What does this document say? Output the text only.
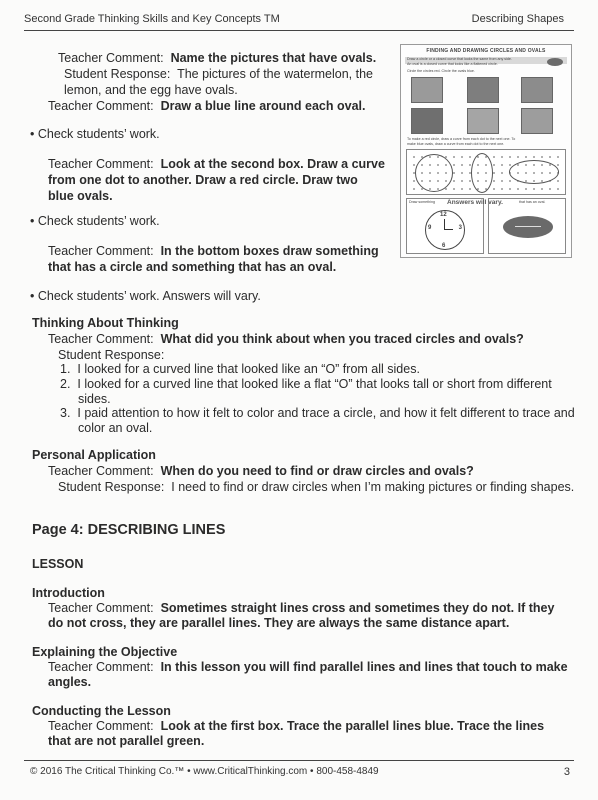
Second Grade Thinking Skills and Key Concepts TM	Describing Shapes
Teacher Comment: Name the pictures that have ovals.
Student Response: The pictures of the watermelon, the
lemon, and the egg have ovals.
Teacher Comment: Draw a blue line around each oval.
• Check students’ work.
Teacher Comment: Look at the second box. Draw a curve
from one dot to another. Draw a red circle. Draw two
blue ovals.
• Check students’ work.
Teacher Comment: In the bottom boxes draw something
that has a circle and something that has an oval.
• Check students’ work. Answers will vary.
Thinking About Thinking
Teacher Comment: What did you think about when you traced circles and ovals?
Student Response:
1. I looked for a curved line that looked like an “O” from all sides.
2. I looked for a curved line that looked like a flat “O” that looks tall or short from different
sides.
3. I paid attention to how it felt to color and trace a circle, and how it felt different to trace and
color an oval.
Personal Application
Teacher Comment: When do you need to find or draw circles and ovals?
Student Response: I need to find or draw circles when I’m making pictures or finding shapes.
Page 4: DESCRIBING LINES
LESSON
Introduction
Teacher Comment: Sometimes straight lines cross and sometimes they do not. If they
do not cross, they are parallel lines. They are always the same distance apart.
Explaining the Objective
Teacher Comment: In this lesson you will find parallel lines and lines that touch to make
angles.
Conducting the Lesson
Teacher Comment: Look at the first box. Trace the parallel lines blue. Trace the lines
that are not parallel green.
© 2016 The Critical Thinking Co.™ • www.CriticalThinking.com • 800-458-4849	3
FINDING AND DRAWING CIRCLES AND OVALS
Draw a circle or a closed curve that looks the same from any side.
An oval is a closed curve that looks like a flattened circle.
Circle the circles red. Circle the ovals blue.
To make a red circle, draw a curve from each dot to the next one. To
make blue ovals, draw a curve from each dot to the next one.
Draw something
12
3
6
9
that has an oval.
Answers will vary.
